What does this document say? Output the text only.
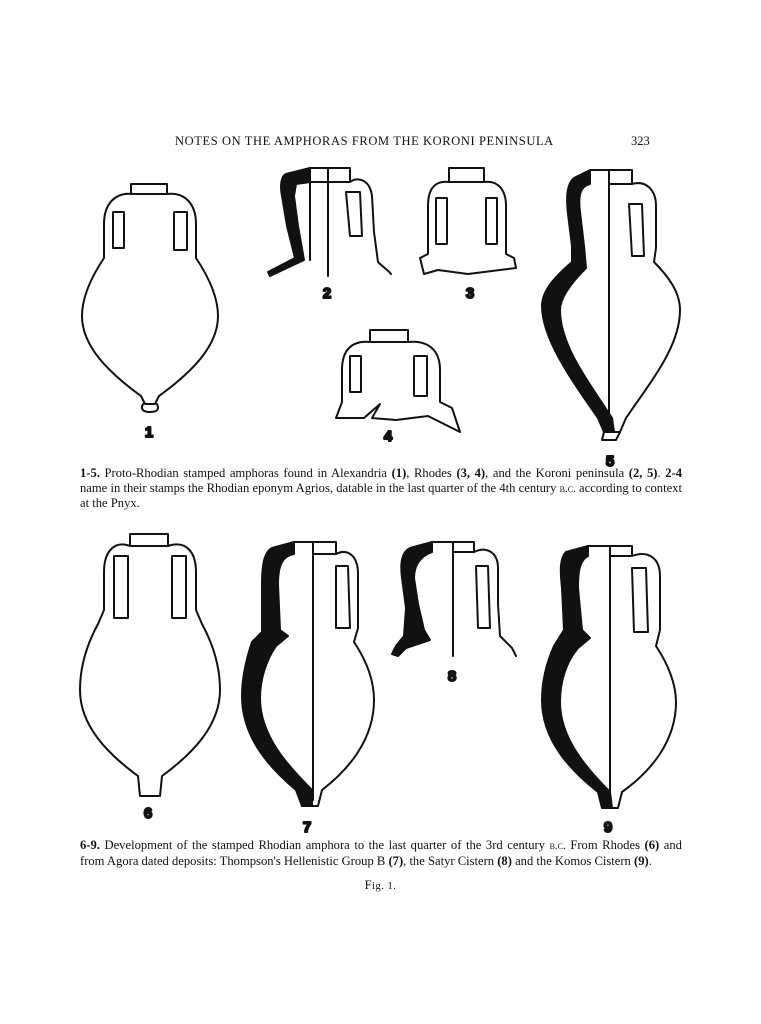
NOTES ON THE AMPHORAS FROM THE KORONI PENINSULA	323
1
2	3
4
5
6
7
8
9
1-5. Proto-Rhodian stamped amphoras found in Alexandria (1), Rhodes (3, 4), and the Koroni peninsula (2, 5). 2-4 name in their stamps the Rhodian eponym Agrios, datable in the last quarter of the 4th century b.c. according to context at the Pnyx.
6-9. Development of the stamped Rhodian amphora to the last quarter of the 3rd century b.c. From Rhodes (6) and from Agora dated deposits: Thompson's Hellenistic Group B (7), the Satyr Cistern (8) and the Komos Cistern (9).
Fig. 1.
